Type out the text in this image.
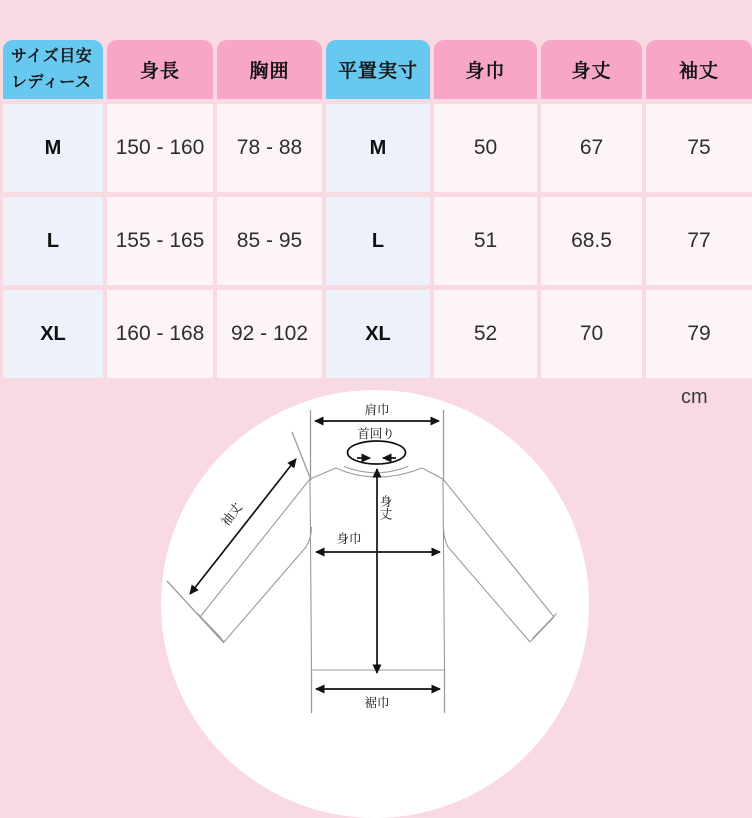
サイズ目安
レディース	身長	胸囲	平置実寸	身巾	身丈	袖丈
M	150 - 160	78 - 88	M	50	67	75
L	155 - 165	85 - 95	L	51	68.5	77
XL	160 - 168	92 - 102	XL	52	70	79
cm
肩巾
首回り
身丈
身巾
裾巾
袖丈
